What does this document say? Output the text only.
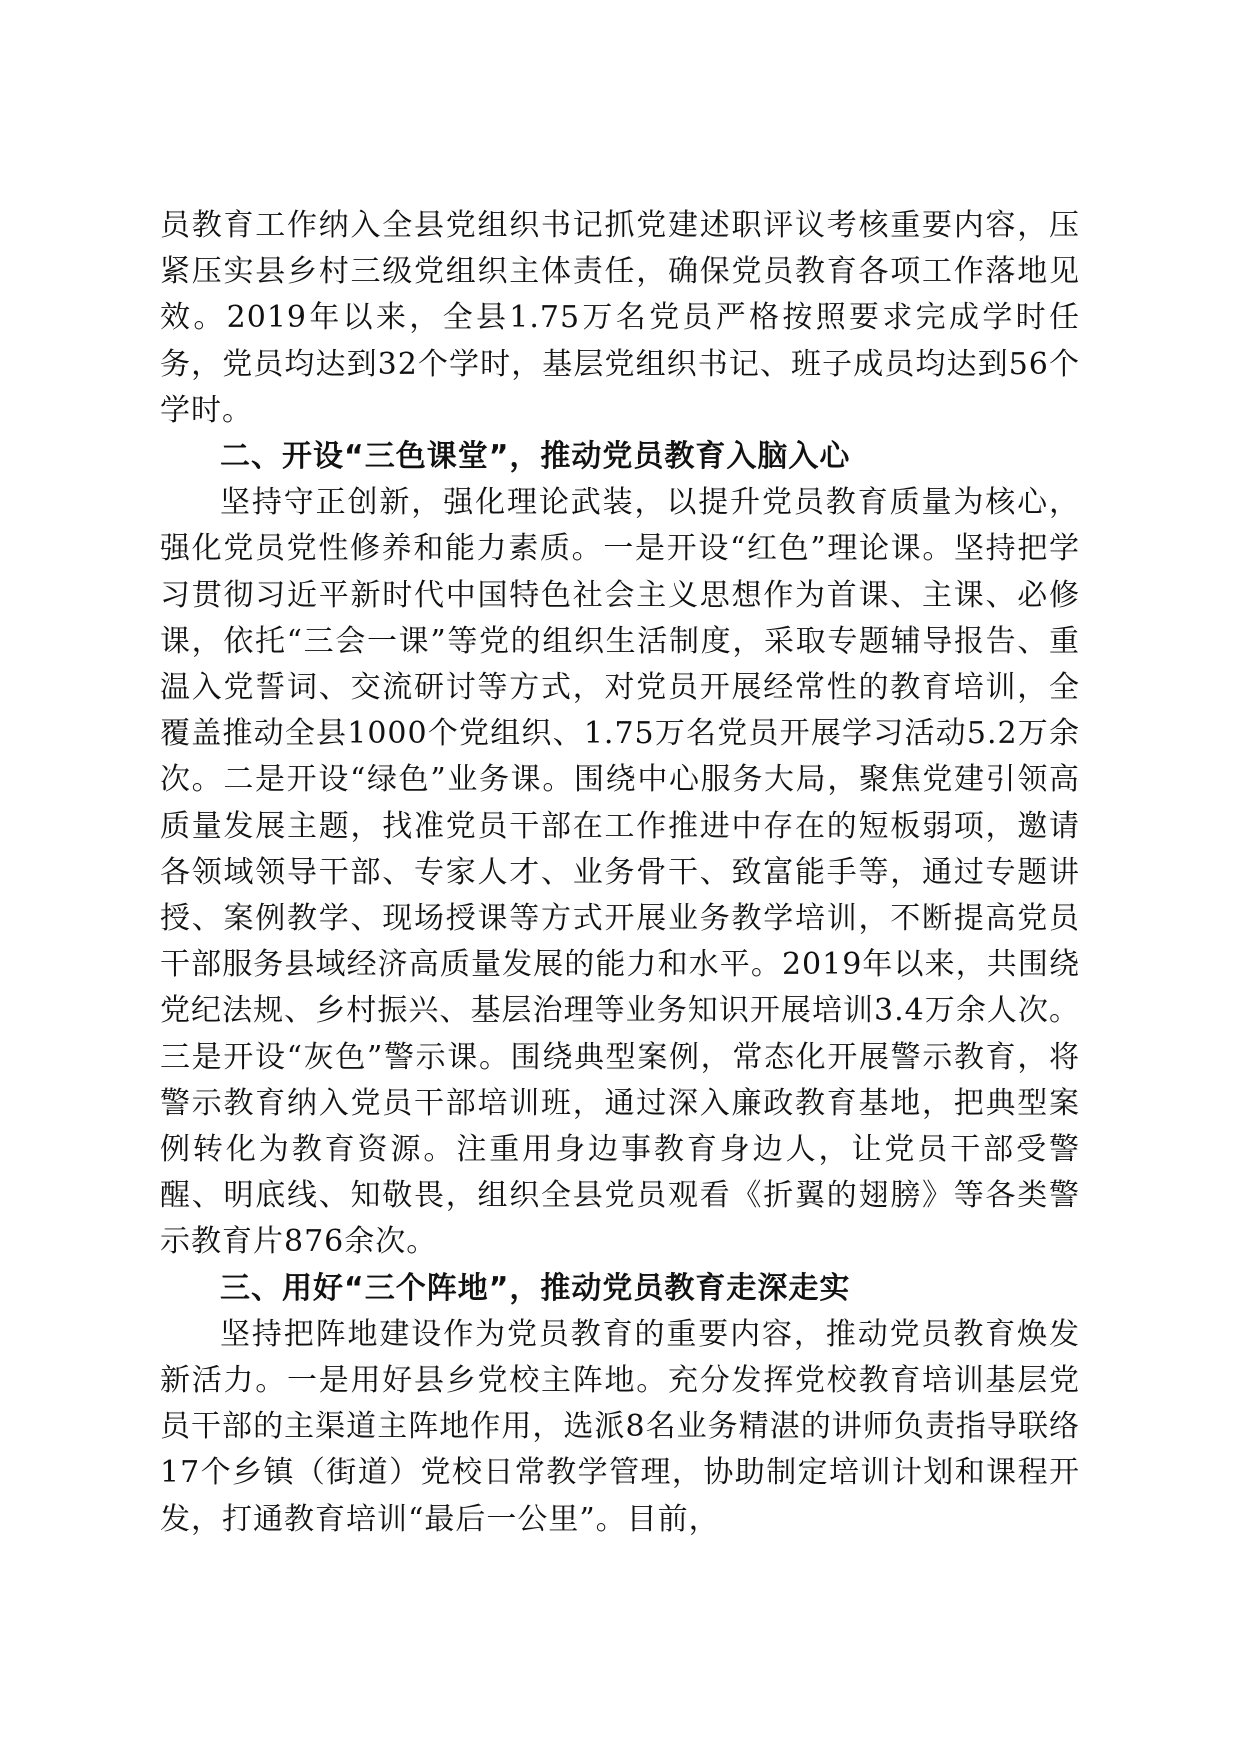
员教育工作纳入全县党组织书记抓党建述职评议考核重要内容，压紧压实县乡村三级党组织主体责任，确保党员教育各项工作落地见效。2019年以来，全县1.75万名党员严格按照要求完成学时任务，党员均达到32个学时，基层党组织书记、班子成员均达到56个学时。

二、开设“三色课堂”，推动党员教育入脑入心

坚持守正创新，强化理论武装，以提升党员教育质量为核心，强化党员党性修养和能力素质。一是开设“红色”理论课。坚持把学习贯彻习近平新时代中国特色社会主义思想作为首课、主课、必修课，依托“三会一课”等党的组织生活制度，采取专题辅导报告、重温入党誓词、交流研讨等方式，对党员开展经常性的教育培训，全覆盖推动全县1000个党组织、1.75万名党员开展学习活动5.2万余次。二是开设“绿色”业务课。围绕中心服务大局，聚焦党建引领高质量发展主题，找准党员干部在工作推进中存在的短板弱项，邀请各领域领导干部、专家人才、业务骨干、致富能手等，通过专题讲授、案例教学、现场授课等方式开展业务教学培训，不断提高党员干部服务县域经济高质量发展的能力和水平。2019年以来，共围绕党纪法规、乡村振兴、基层治理等业务知识开展培训3.4万余人次。三是开设“灰色”警示课。围绕典型案例，常态化开展警示教育，将警示教育纳入党员干部培训班，通过深入廉政教育基地，把典型案例转化为教育资源。注重用身边事教育身边人，让党员干部受警醒、明底线、知敬畏，组织全县党员观看《折翼的翅膀》等各类警示教育片876余次。

三、用好“三个阵地”，推动党员教育走深走实

坚持把阵地建设作为党员教育的重要内容，推动党员教育焕发新活力。一是用好县乡党校主阵地。充分发挥党校教育培训基层党员干部的主渠道主阵地作用，选派8名业务精湛的讲师负责指导联络17个乡镇（街道）党校日常教学管理，协助制定培训计划和课程开发，打通教育培训“最后一公里”。目前，
